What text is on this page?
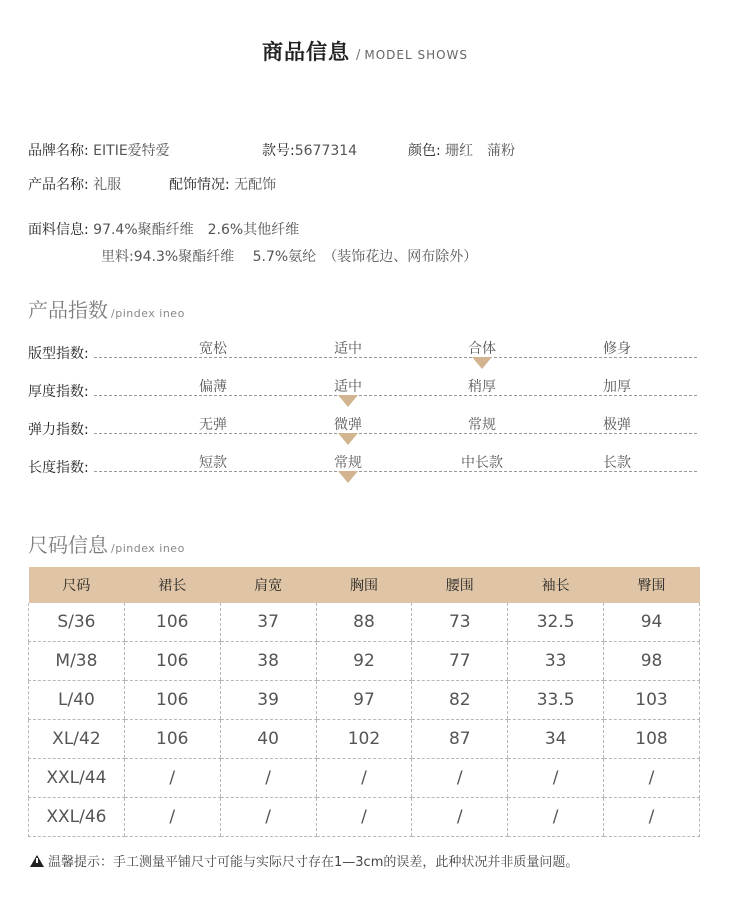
商品信息 / MODEL SHOWS
品牌名称: EITIE爱特爱	款号:5677314	颜色: 珊红　蒲粉
产品名称: 礼服	配饰情况: 无配饰
面料信息: 97.4%聚酯纤维　2.6%其他纤维
里料:94.3%聚酯纤维　 5.7%氨纶　（装饰花边、网布除外）
产品指数 /pindex ineo
版型指数:	宽松	适中	合体	修身
厚度指数:	偏薄	适中	稍厚	加厚
弹力指数:	无弹	微弹	常规	极弹
长度指数:	短款	常规	中长款	长款
尺码信息 /pindex ineo
尺码	裙长	肩宽	胸围	腰围	袖长	臀围
S/36	106	37	88	73	32.5	94
M/38	106	38	92	77	33	98
L/40	106	39	97	82	33.5	103
XL/42	106	40	102	87	34	108
XXL/44	/	/	/	/	/	/
XXL/46	/	/	/	/	/	/
温馨提示：手工测量平铺尺寸可能与实际尺寸存在1—3cm的误差，此种状况并非质量问题。
